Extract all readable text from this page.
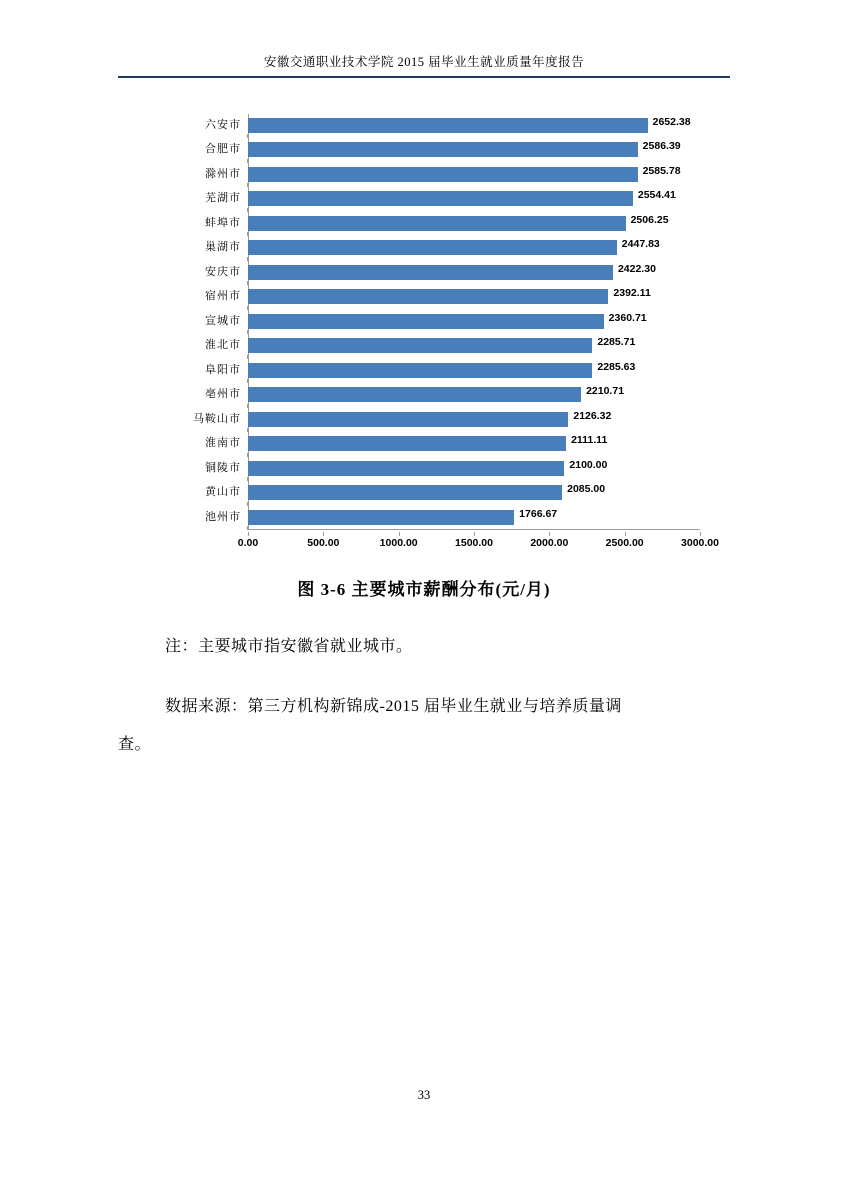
安徽交通职业技术学院 2015 届毕业生就业质量年度报告
六安市	2652.38
合肥市	2586.39
滁州市	2585.78
芜湖市	2554.41
蚌埠市	2506.25
巢湖市	2447.83
安庆市	2422.30
宿州市	2392.11
宣城市	2360.71
淮北市	2285.71
阜阳市	2285.63
亳州市	2210.71
马鞍山市	2126.32
淮南市	2111.11
铜陵市	2100.00
黄山市	2085.00
池州市	1766.67
0.00	500.00	1000.00	1500.00	2000.00	2500.00	3000.00
图 3-6 主要城市薪酬分布(元/月)
注：主要城市指安徽省就业城市。
数据来源：第三方机构新锦成-2015 届毕业生就业与培养质量调
查。
33
